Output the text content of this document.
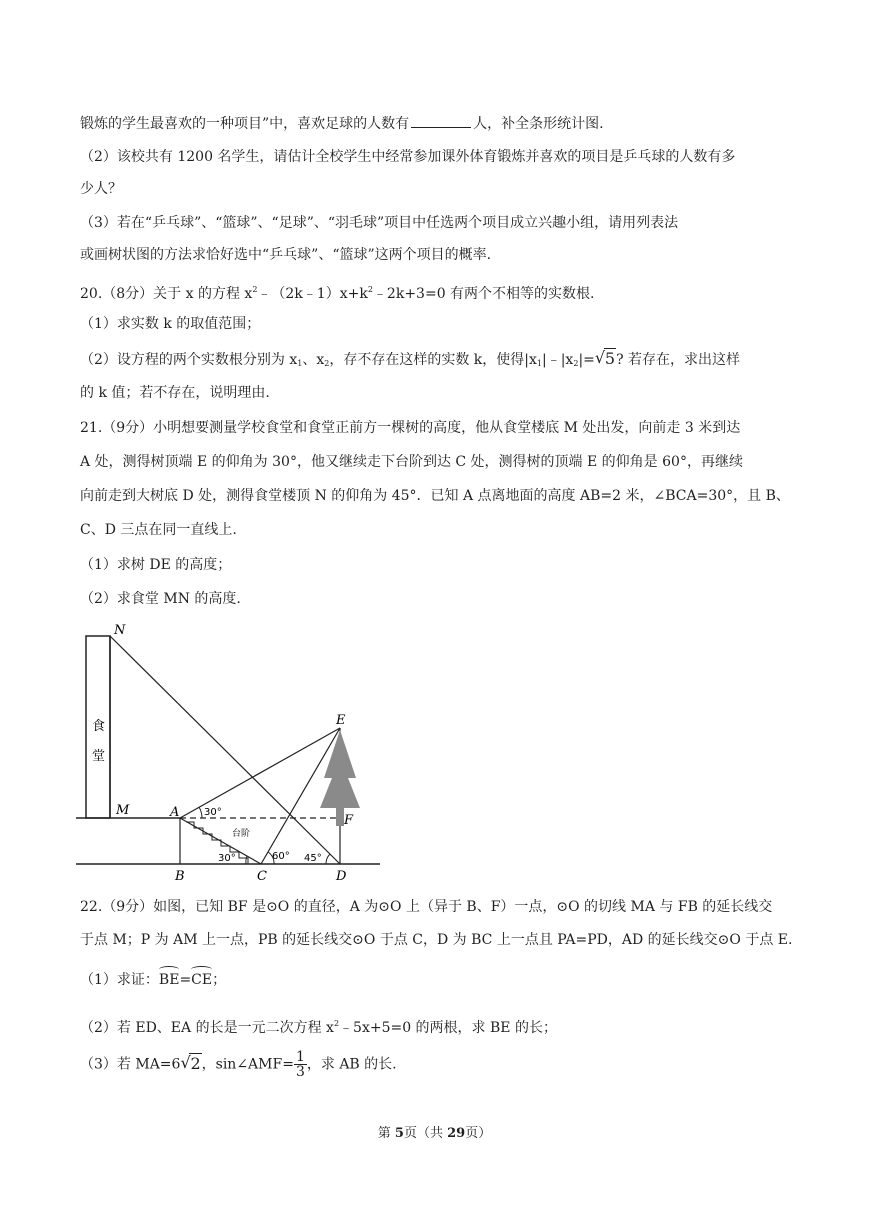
锻炼的学生最喜欢的一种项目”中，喜欢足球的人数有	人，补全条形统计图.
（2）该校共有 1200 名学生，请估计全校学生中经常参加课外体育锻炼并喜欢的项目是乒乓球的人数有多
少人？
（3）若在“乒乓球”、“篮球”、“足球”、“羽毛球”项目中任选两个项目成立兴趣小组，请用列表法
或画树状图的方法求恰好选中“乒乓球”、“篮球”这两个项目的概率.
20.（8分）关于 x 的方程 $x^2﹣(2k﹣1)x+k^2﹣2k+3=0$ 有两个不相等的实数根.
（1）求实数 k 的取值范围；
（2）设方程的两个实数根分别为 $x_1$、$x_2$，存不存在这样的实数 k，使得$|x_1|﹣|x_2|=$ √ 5? 若存在，求出这样
的 k 值；若不存在，说明理由.
21.（9分）小明想要测量学校食堂和食堂正前方一棵树的高度，他从食堂楼底 M 处出发，向前走 3 米到达
A 处，测得树顶端 E 的仰角为 30°，他又继续走下台阶到达 C 处，测得树的顶端 E 的仰角是 60°，再继续
向前走到大树底 D 处，测得食堂楼顶 N 的仰角为 45°．已知 A 点离地面的高度 AB=2 米，∠BCA=30°，且 B、
C、D 三点在同一直线上.
（1）求树 DE 的高度；
（2）求食堂 MN 的高度.
食
堂
台阶
30°
30°	60° 45°
N
M	A
B	C	D
E
F
22.（9分）如图，已知 BF 是⊙O 的直径，A 为⊙O 上（异于 B、F）一点，⊙O 的切线 MA 与 FB 的延长线交
于点 M；P 为 AM 上一点，PB 的延长线交⊙O 于点 C，D 为 BC 上一点且 PA=PD，AD 的延长线交⊙O 于点 E.
（1）求证：BE=CE；
（2）若 ED、EA 的长是一元二次方程 $x^2﹣5x+5=0$ 的两根，求 BE 的长；
（3）若 MA=6 √ 2，sin∠AMF= $\frac{1}{3}$ ，求 AB 的长.
第 5页（共 29页）
